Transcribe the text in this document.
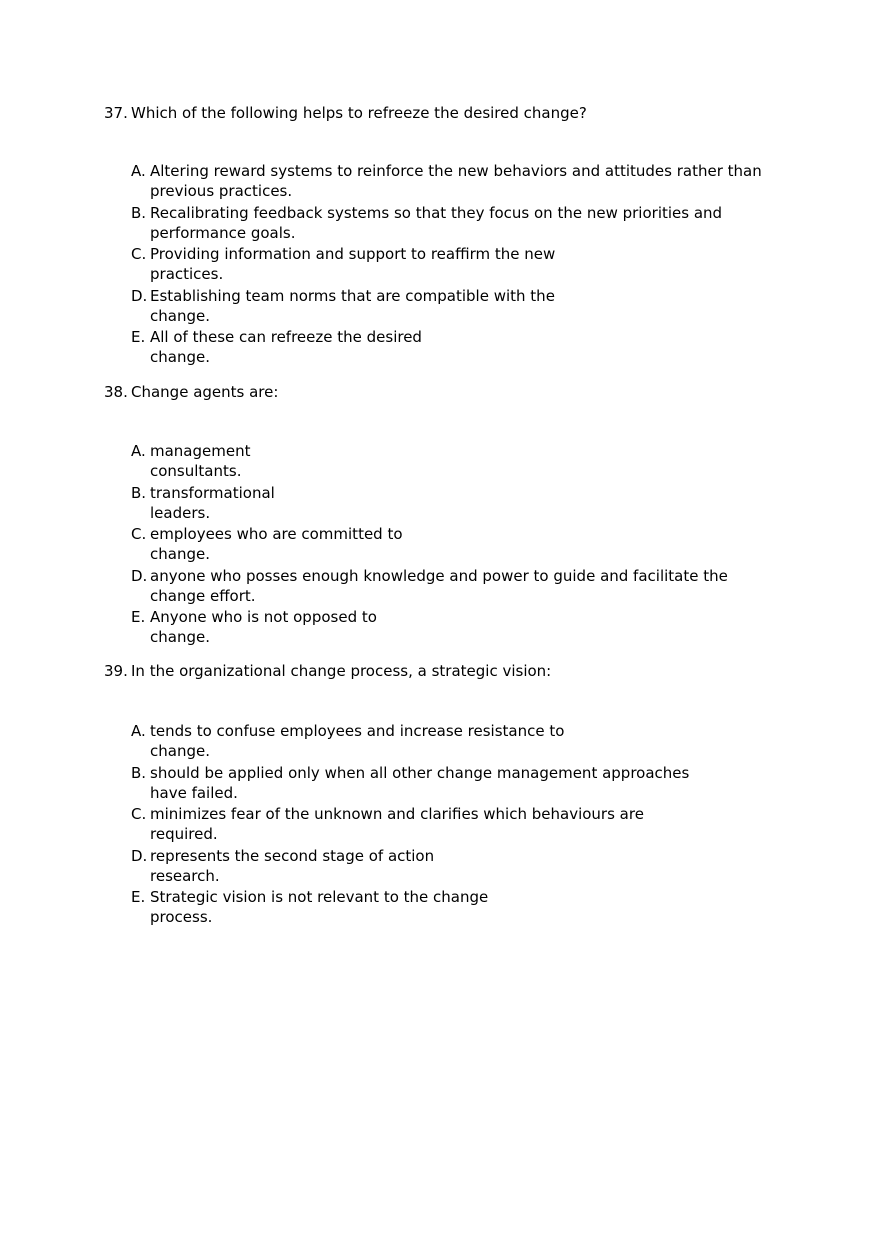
37. Which of the following helps to refreeze the desired change?
A. Altering reward systems to reinforce the new behaviors and attitudes rather than
previous practices.
B. Recalibrating feedback systems so that they focus on the new priorities and
performance goals.
C. Providing information and support to reaffirm the new
practices.
D. Establishing team norms that are compatible with the
change.
E. All of these can refreeze the desired
change.
38. Change agents are:
A. management
consultants.
B. transformational
leaders.
C. employees who are committed to
change.
D. anyone who posses enough knowledge and power to guide and facilitate the
change effort.
E. Anyone who is not opposed to
change.
39. In the organizational change process, a strategic vision:
A. tends to confuse employees and increase resistance to
change.
B. should be applied only when all other change management approaches
have failed.
C. minimizes fear of the unknown and clarifies which behaviours are
required.
D. represents the second stage of action
research.
E. Strategic vision is not relevant to the change
process.
